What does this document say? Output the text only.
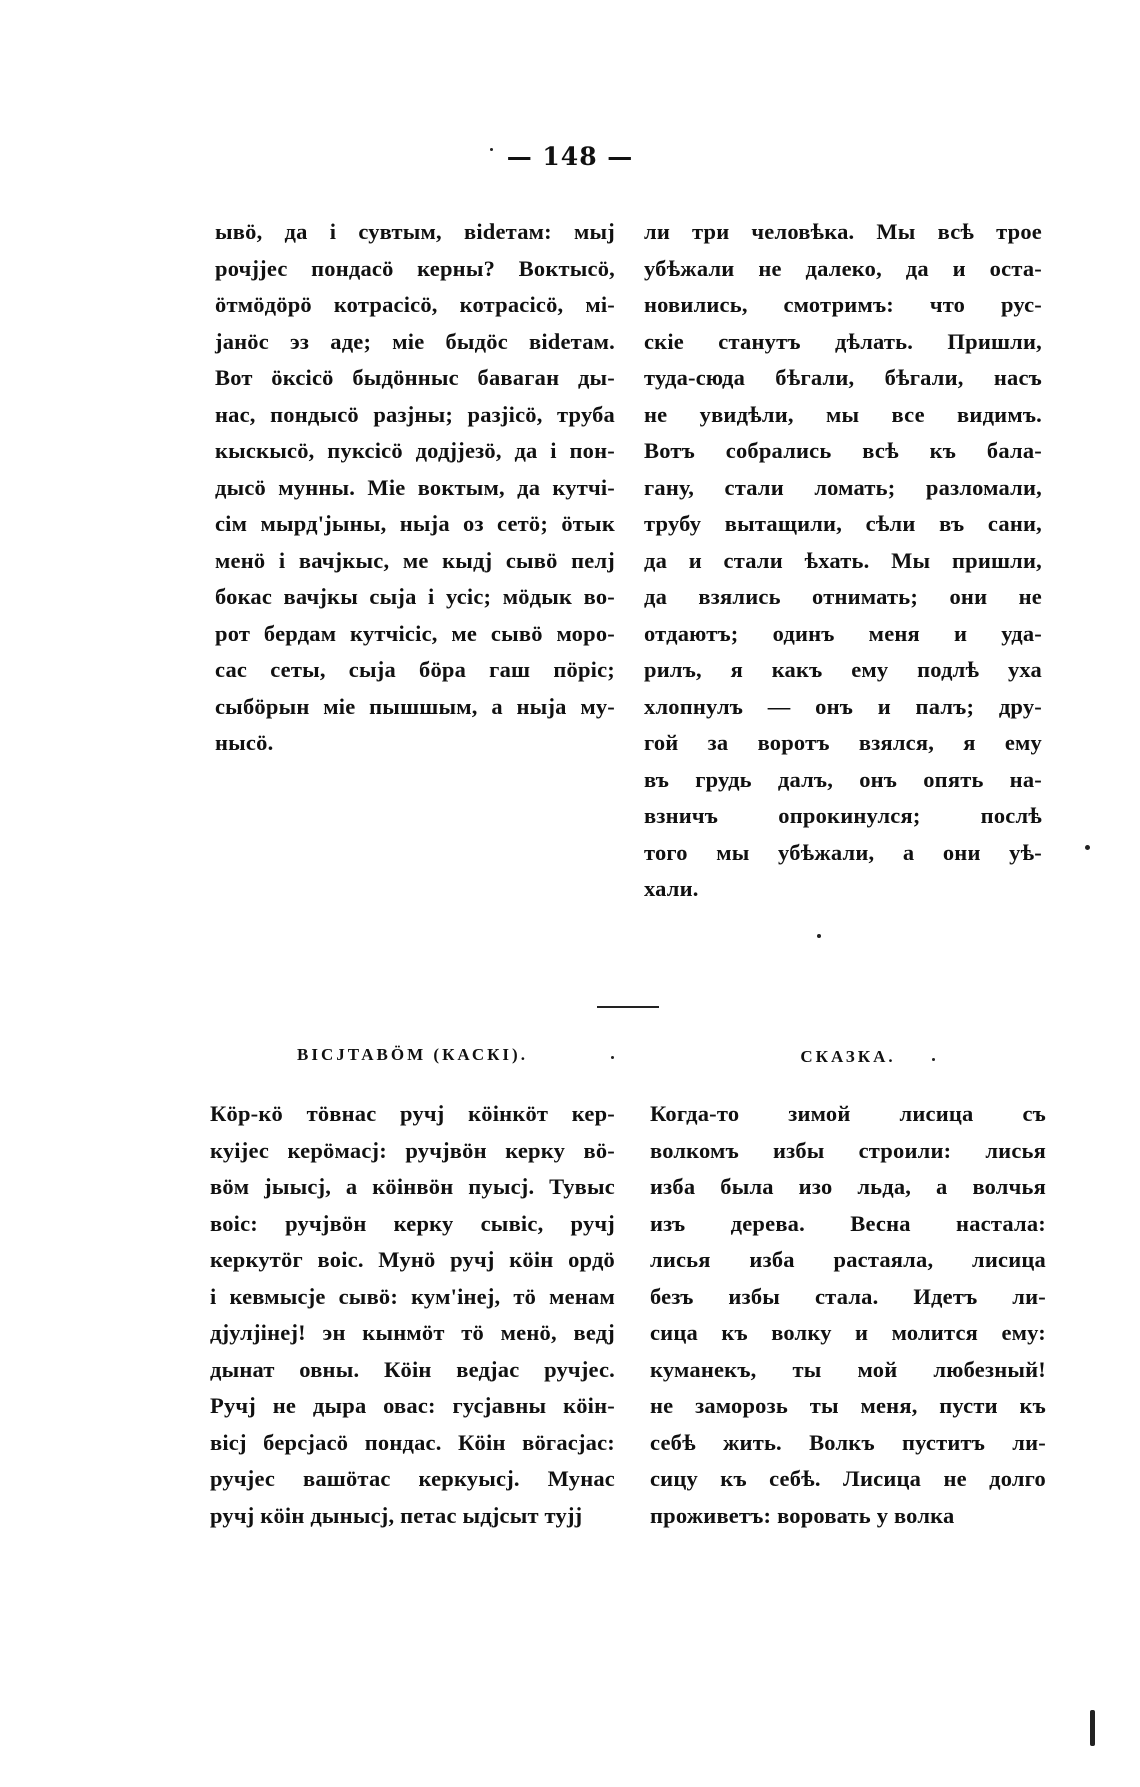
— 148 —
ывӧ, да і сувтым, віԁетам: мыј
рочјјес пондасӧ керны? Воктысӧ,
ӧтмӧдӧрӧ котрасісӧ, котрасісӧ, мі-
јанӧс эз аде; міе быдӧс віԁетам.
Вот ӧксісӧ быдӧнныс баваган ды-
нас, пондысӧ разјны; разјісӧ, труба
кыскысӧ, пуксісӧ додјјезӧ, да і пон-
дысӧ мунны. Міе воктым, да кутчі-
сім мырд'јыны, ныја оз сетӧ; ӧтык
менӧ і вачјкыс, ме кыдј сывӧ пелј
бокас вачјкы сыја і усіс; мӧдык во-
рот бердам кутчісіс, ме сывӧ моро-
сас сеты, сыја бӧра гаш пӧріс;
сыбӧрын міе пышшым, а ныја му-
нысӧ.
ли три человѣка. Мы всѣ трое
убѣжали не далеко, да и оста-
новились, смотримъ: что рус-
скіе станутъ дѣлать. Пришли,
туда-сюда бѣгали, бѣгали, насъ
не увидѣли, мы все видимъ.
Вотъ собрались всѣ къ бала-
гану, стали ломать; разломали,
трубу вытащили, сѣли въ сани,
да и стали ѣхать. Мы пришли,
да взялись отнимать; они не
отдаютъ; одинъ меня и уда-
рилъ, я какъ ему подлѣ уха
хлопнулъ — онъ и палъ; дру-
гой за воротъ взялся, я ему
въ грудь далъ, онъ опять на-
взничъ опрокинулся; послѣ
того мы убѣжали, а они уѣ-
хали.
ВІСЈТАВӦМ (КАСКІ).	СКАЗКА.
Кӧр-кӧ тӧвнас ручј кӧінкӧт кер-
куіјес керӧмасј: ручјвӧн керку вӧ-
вӧм јыысј, а кӧінвӧн пуысј. Тувыс
воіс: ручјвӧн керку сывіс, ручј
керкутӧг воіс. Мунӧ ручј кӧін ордӧ
і кевмысје сывӧ: кум'інеј, тӧ менам
дјулјінеј! эн кынмӧт тӧ менӧ, ведј
дынат овны. Кӧін ведјас ручјес.
Ручј не дыра овас: гусјавны кӧін-
вісј берсјасӧ пондас. Кӧін вӧгасјас:
ручјес вашӧтас керкуысј. Мунас
ручј кӧін дынысј, петас ыдјсыт тујј
Когда-то зимой лисица съ
волкомъ избы строили: лисья
изба была изо льда, а волчья
изъ дерева. Весна настала:
лисья изба растаяла, лисица
безъ избы стала. Идетъ ли-
сица къ волку и молится ему:
куманекъ, ты мой любезный!
не заморозь ты меня, пусти къ
себѣ жить. Волкъ пуститъ ли-
сицу къ себѣ. Лисица не долго
проживетъ: воровать у волка
